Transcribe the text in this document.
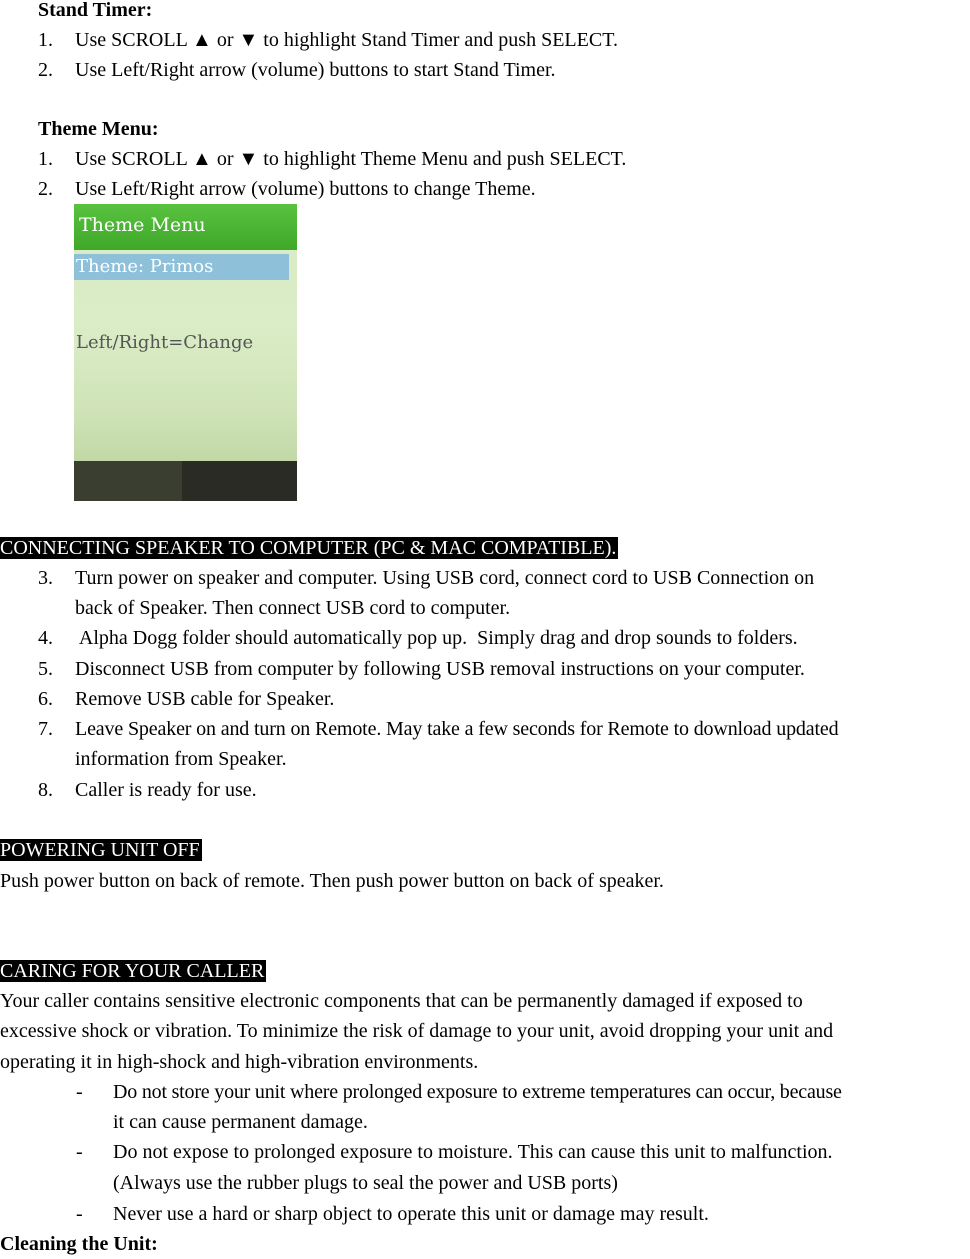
Stand Timer:
1. Use SCROLL ▲ or ▼ to highlight Stand Timer and push SELECT.
2. Use Left/Right arrow (volume) buttons to start Stand Timer.
Theme Menu:
1. Use SCROLL ▲ or ▼ to highlight Theme Menu and push SELECT.
2. Use Left/Right arrow (volume) buttons to change Theme.
Theme Menu
Theme: Primos
Left/Right=Change
CONNECTING SPEAKER TO COMPUTER (PC & MAC COMPATIBLE).
3. Turn power on speaker and computer. Using USB cord, connect cord to USB Connection on
back of Speaker. Then connect USB cord to computer.
4. Alpha Dogg folder should automatically pop up.  Simply drag and drop sounds to folders.
5. Disconnect USB from computer by following USB removal instructions on your computer.
6. Remove USB cable for Speaker.
7. Leave Speaker on and turn on Remote. May take a few seconds for Remote to download updated
information from Speaker.
8. Caller is ready for use.
POWERING UNIT OFF
Push power button on back of remote. Then push power button on back of speaker.
CARING FOR YOUR CALLER
Your caller contains sensitive electronic components that can be permanently damaged if exposed to
excessive shock or vibration. To minimize the risk of damage to your unit, avoid dropping your unit and
operating it in high-shock and high-vibration environments.
- Do not store your unit where prolonged exposure to extreme temperatures can occur, because
it can cause permanent damage.
- Do not expose to prolonged exposure to moisture. This can cause this unit to malfunction.
(Always use the rubber plugs to seal the power and USB ports)
- Never use a hard or sharp object to operate this unit or damage may result.
Cleaning the Unit:
